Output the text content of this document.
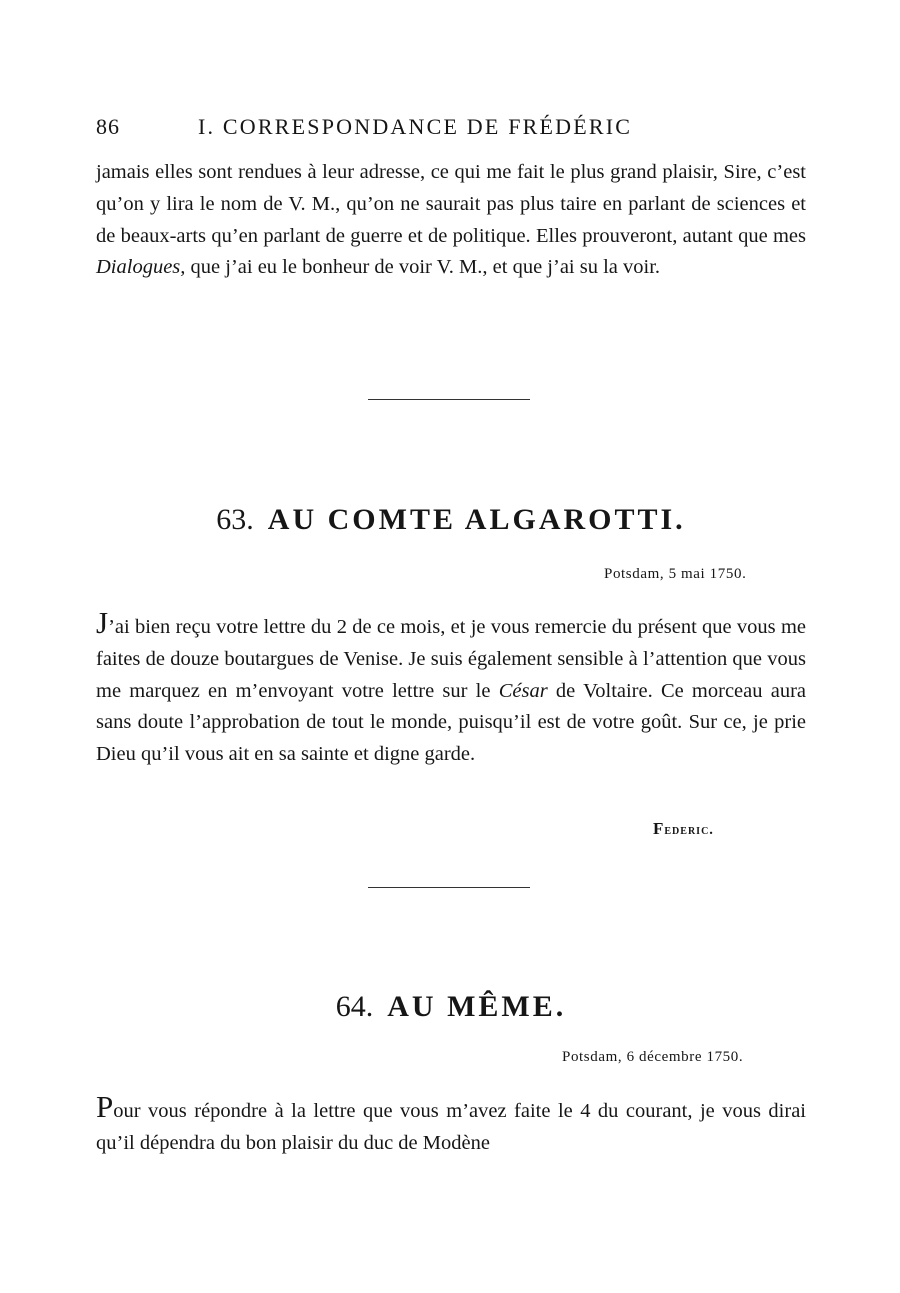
86	I. CORRESPONDANCE DE FRÉDÉRIC

jamais elles sont rendues à leur adresse, ce qui me fait le plus grand plaisir, Sire, c’est qu’on y lira le nom de V. M., qu’on ne saurait pas plus taire en parlant de sciences et de beaux-arts qu’en parlant de guerre et de politique. Elles prouveront, autant que mes Dialogues, que j’ai eu le bonheur de voir V. M., et que j’ai su la voir.

63. AU COMTE ALGAROTTI.
Potsdam, 5 mai 1750.

J’ai bien reçu votre lettre du 2 de ce mois, et je vous remercie du présent que vous me faites de douze boutargues de Venise. Je suis également sensible à l’attention que vous me marquez en m’envoyant votre lettre sur le César de Voltaire. Ce morceau aura sans doute l’approbation de tout le monde, puisqu’il est de votre goût. Sur ce, je prie Dieu qu’il vous ait en sa sainte et digne garde.

Federic.
64. AU MÊME.
Potsdam, 6 décembre 1750.

Pour vous répondre à la lettre que vous m’avez faite le 4 du courant, je vous dirai qu’il dépendra du bon plaisir du duc de Modène
